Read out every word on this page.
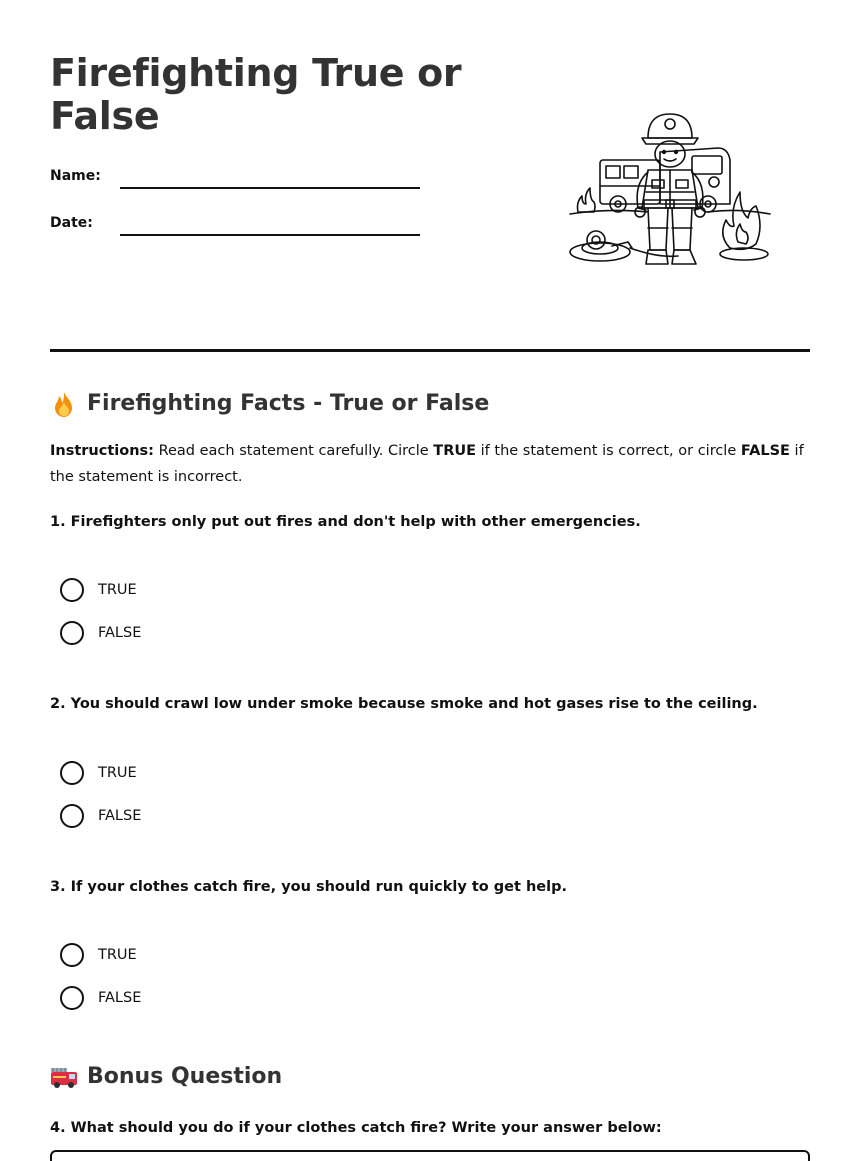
Firefighting True or False
Name:
Date:
Firefighting Facts - True or False

Instructions: Read each statement carefully. Circle TRUE if the statement is correct, or circle FALSE if the statement is incorrect.

1. Firefighters only put out fires and don't help with other emergencies.
TRUE
FALSE
2. You should crawl low under smoke because smoke and hot gases rise to the ceiling.
TRUE
FALSE
3. If your clothes catch fire, you should run quickly to get help.
TRUE
FALSE
Bonus Question
4. What should you do if your clothes catch fire? Write your answer below:
